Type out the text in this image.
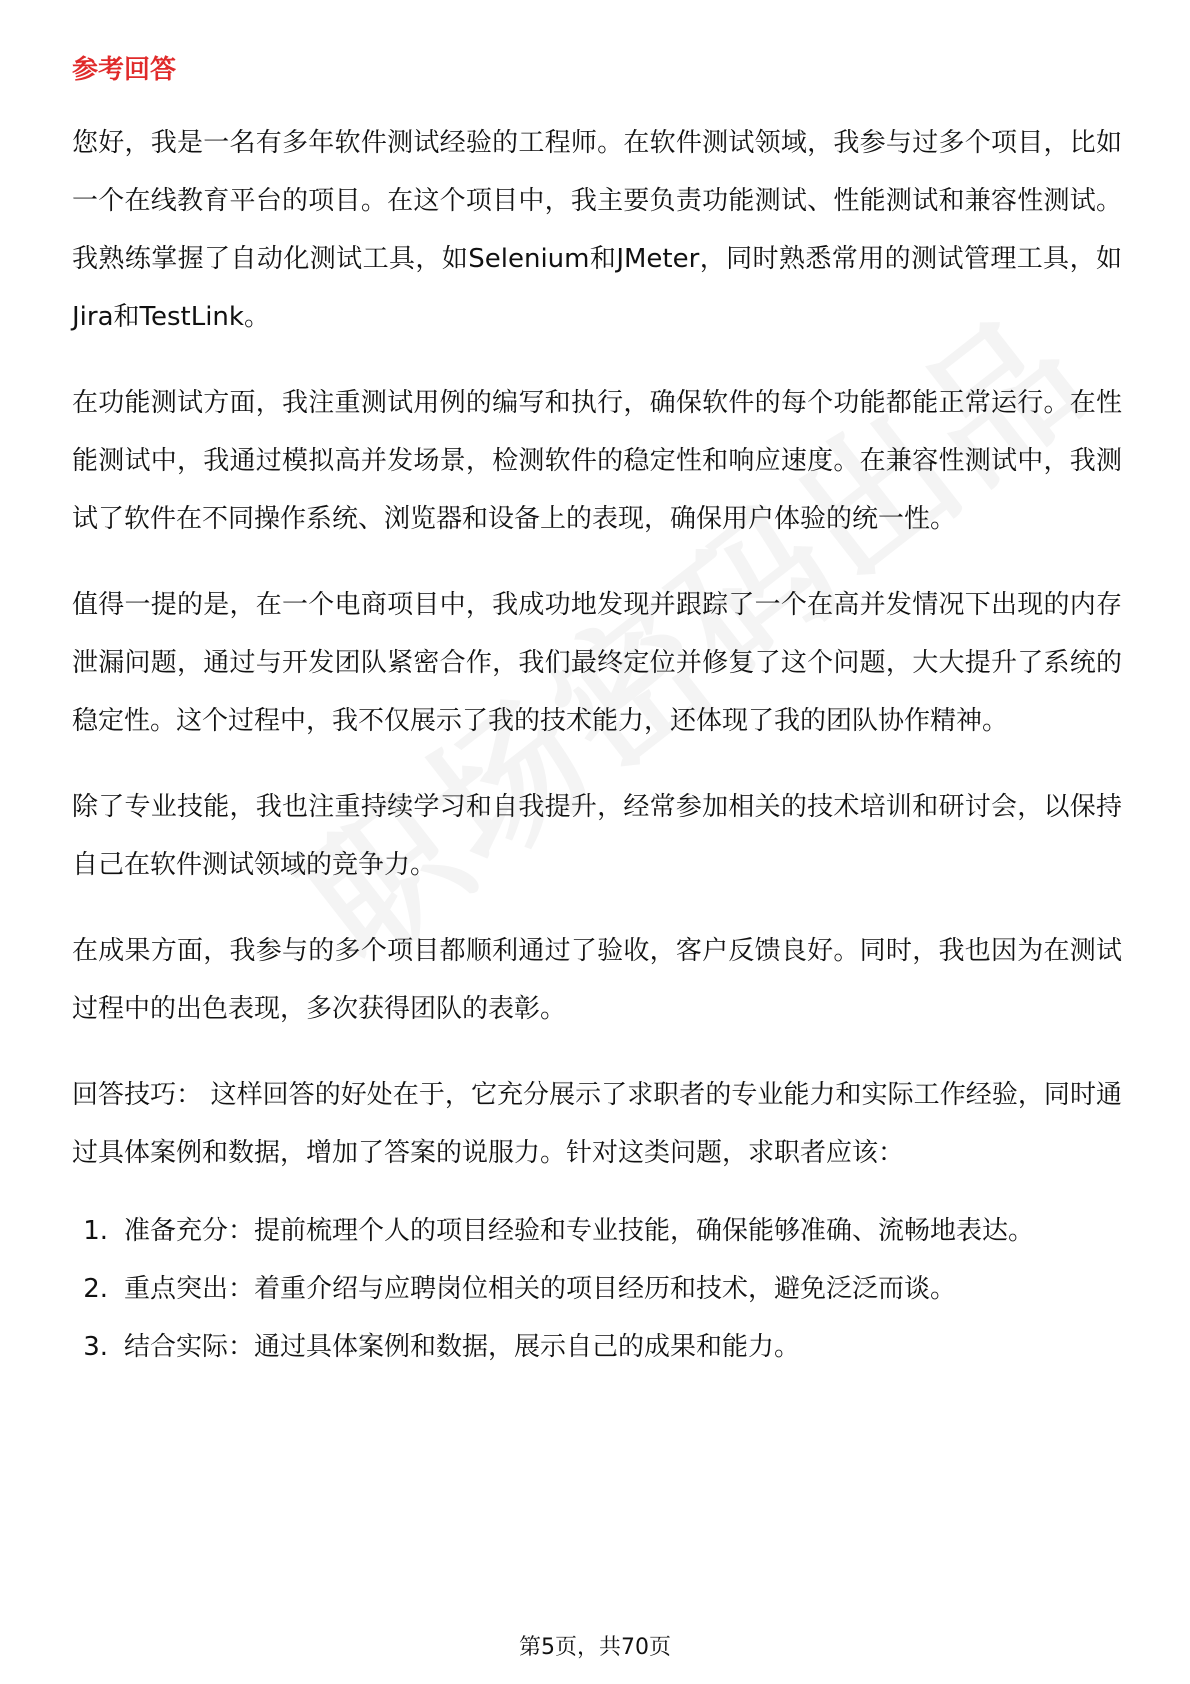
参考回答

您好，我是一名有多年软件测试经验的工程师。在软件测试领域，我参与过多个项目，比如一个在线教育平台的项目。在这个项目中，我主要负责功能测试、性能测试和兼容性测试。我熟练掌握了自动化测试工具，如Selenium和JMeter，同时熟悉常用的测试管理工具，如Jira和TestLink。

在功能测试方面，我注重测试用例的编写和执行，确保软件的每个功能都能正常运行。在性能测试中，我通过模拟高并发场景，检测软件的稳定性和响应速度。在兼容性测试中，我测试了软件在不同操作系统、浏览器和设备上的表现，确保用户体验的统一性。

值得一提的是，在一个电商项目中，我成功地发现并跟踪了一个在高并发情况下出现的内存泄漏问题，通过与开发团队紧密合作，我们最终定位并修复了这个问题，大大提升了系统的稳定性。这个过程中，我不仅展示了我的技术能力，还体现了我的团队协作精神。

除了专业技能，我也注重持续学习和自我提升，经常参加相关的技术培训和研讨会，以保持自己在软件测试领域的竞争力。

在成果方面，我参与的多个项目都顺利通过了验收，客户反馈良好。同时，我也因为在测试过程中的出色表现，多次获得团队的表彰。

回答技巧： 这样回答的好处在于，它充分展示了求职者的专业能力和实际工作经验，同时通过具体案例和数据，增加了答案的说服力。针对这类问题，求职者应该：

1. 准备充分：提前梳理个人的项目经验和专业技能，确保能够准确、流畅地表达。
2. 重点突出：着重介绍与应聘岗位相关的项目经历和技术，避免泛泛而谈。
3. 结合实际：通过具体案例和数据，展示自己的成果和能力。
第5页，共70页
